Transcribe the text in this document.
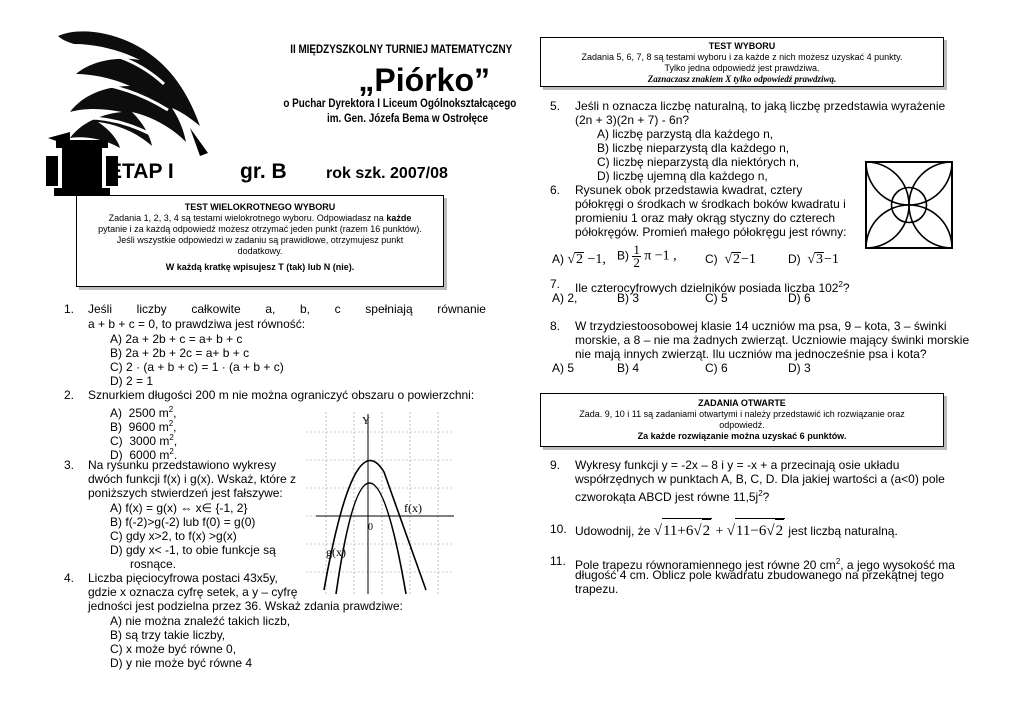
II MIĘDZYSZKOLNY TURNIEJ MATEMATYCZNY
„Piórko”
o Puchar Dyrektora I Liceum Ogólnokształcącego
im. Gen. Józefa Bema w Ostrołęce
ETAP I	gr. B rok szk. 2007/08
TEST WIELOKROTNEGO WYBORU
Zadania 1, 2, 3, 4 są testami wielokrotnego wyboru. Odpowiadasz na każde
pytanie i za każdą odpowiedź możesz otrzymać jeden punkt (razem 16 punktów).
Jeśli wszystkie odpowiedzi w zadaniu są prawidłowe, otrzymujesz punkt
dodatkowy.
W każdą kratkę wpisujesz T (tak) lub N (nie).
1. Jeśli liczby całkowite a, b, c spełniają równanie
a + b + c = 0, to prawdziwa jest równość:
A) 2a + 2b + c = a+ b + c
B) 2a + 2b + 2c = a+ b + c
C) 2 · (a + b + c) = 1 · (a + b + c)
D) 2 = 1
2. Sznurkiem długości 200 m nie można ograniczyć obszaru o powierzchni:
A) 2500 $m^2$,
B) 9600 $m^2$,
C) 3000 $m^2$,
D) 6000 $m^2$.
3. Na rysunku przedstawiono wykresy
dwóch funkcji f(x) i g(x). Wskaż, które z
poniższych stwierdzeń jest fałszywe:
A) f(x) = g(x) ⇔ x∈ {-1, 2}
B) f(-2)>g(-2) lub f(0) = g(0)
C) gdy x>2, to f(x) >g(x)
D) gdy x< -1, to obie funkcje są
rosnące.
4. Liczba pięciocyfrowa postaci 43x5y,
gdzie x oznacza cyfrę setek, a y – cyfrę
jedności jest podzielna przez 36. Wskaż zdania prawdziwe:
A) nie można znaleźć takich liczb,
B) są trzy takie liczby,
C) x może być równe 0,
D) y nie może być równe 4
Y
0
f(x)
g(x)
TEST WYBORU
Zadania 5, 6, 7, 8 są testami wyboru i za każde z nich możesz uzyskać 4 punkty.
Tylko jedna odpowiedź jest prawdziwa.
Zaznaczasz znakiem X tylko odpowiedź prawdziwą.
5. Jeśli n oznacza liczbę naturalną, to jaką liczbę przedstawia wyrażenie
(2n + 3)(2n + 7) - 6n?
A) liczbę parzystą dla każdego n,
B) liczbę nieparzystą dla każdego n,
C) liczbę nieparzystą dla niektórych n,
D) liczbę ujemną dla każdego n,
6. Rysunek obok przedstawia kwadrat, cztery
półokręgi o środkach w środkach boków kwadratu i
promieniu 1 oraz mały okrąg styczny do czterech
półokręgów. Promień małego półokręgu jest równy:
A) √2 −1, $B) \frac{1}{2}$ π −1 , C) √2−1	D) √3−1
7. Ile czterocyfrowych dzielników posiada liczba $102^2$?
A) 2,	B) 3	C) 5	D) 6
8. W trzydziestoosobowej klasie 14 uczniów ma psa, 9 – kota, 3 – świnki
morskie, a 8 – nie ma żadnych zwierząt. Uczniowie mający świnki morskie
nie mają innych zwierząt. Ilu uczniów ma jednocześnie psa i kota?
A) 5	B) 4	C) 6	D) 3
ZADANIA OTWARTE
Zada. 9, 10 i 11 są zadaniami otwartymi i należy przedstawić ich rozwiązanie oraz
odpowiedź.
Za każde rozwiązanie można uzyskać 6 punktów.
9. Wykresy funkcji y = -2x – 8 i y = -x + a przecinają osie układu
współrzędnych w punktach A, B, C, D. Dla jakiej wartości a (a<0) pole
czworokąta ABCD jest równe $11,5j^2$?
10. Udowodnij, że √11+6√2 + √11−6√2 jest liczbą naturalną.
11. Pole trapezu równoramiennego jest równe 20 $cm^2$, a jego wysokość ma
długość 4 cm. Oblicz pole kwadratu zbudowanego na przekątnej tego
trapezu.
